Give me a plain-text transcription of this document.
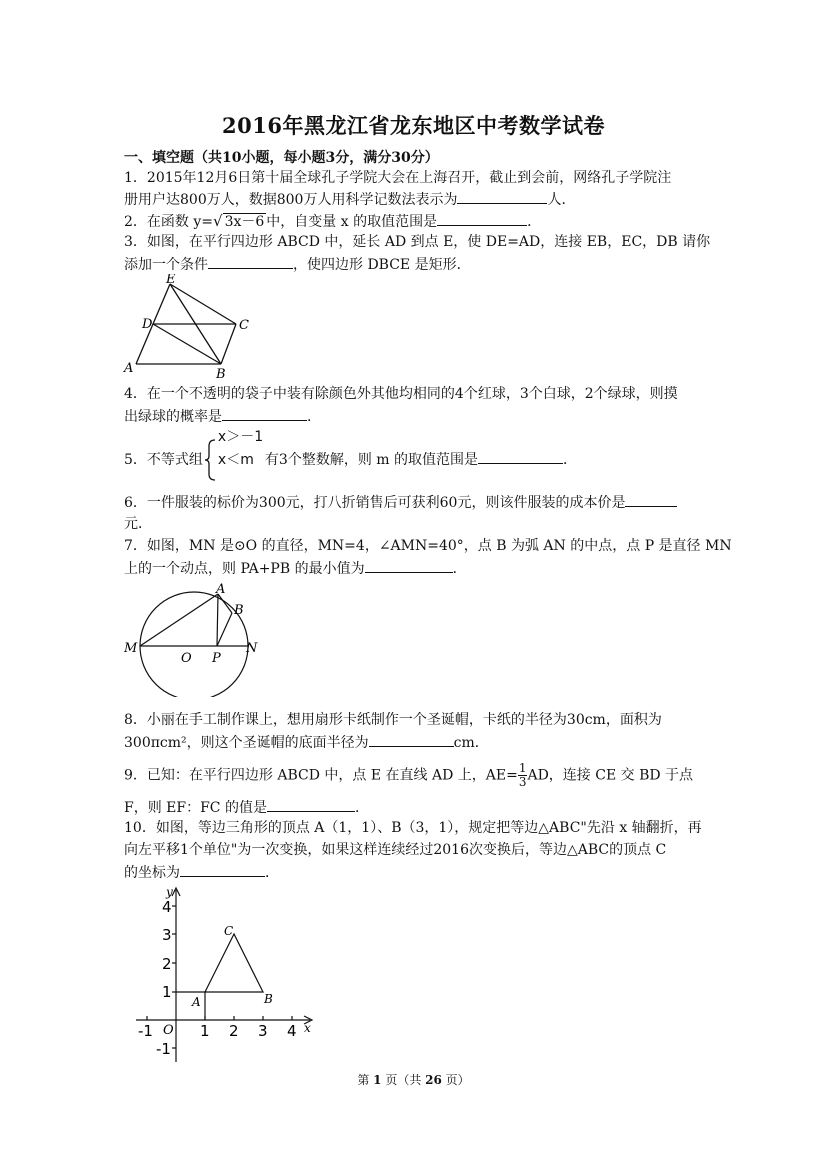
2016年黑龙江省龙东地区中考数学试卷
一、填空题（共10小题，每小题3分，满分30分）
1．2015年12月6日第十届全球孔子学院大会在上海召开，截止到会前，网络孔子学院注
册用户达800万人，数据800万人用科学记数法表示为	人．
2．在函数 y=√ 3x－6 中，自变量 x 的取值范围是	．
3．如图，在平行四边形 ABCD 中，延长 AD 到点 E，使 DE=AD，连接 EB，EC，DB 请你
添加一个条件	，使四边形 DBCE 是矩形．
E
D	C
A	B
4．在一个不透明的袋子中装有除颜色外其他均相同的4个红球，3个白球，2个绿球，则摸
出绿球的概率是	．
5．不等式组
x＞－1
x＜m 有3个整数解，则 m 的取值范围是	．
6．一件服装的标价为300元，打八折销售后可获利60元，则该件服装的成本价是
元．
7．如图，MN 是⊙O 的直径，MN=4，∠AMN=40°，点 B 为弧 AN 的中点，点 P 是直径 MN
上的一个动点，则 PA+PB 的最小值为	．
M
O P
N
A
B
8．小丽在手工制作课上，想用扇形卡纸制作一个圣诞帽，卡纸的半径为30cm，面积为
300πcm²，则这个圣诞帽的底面半径为	cm．
9．已知：在平行四边形 ABCD 中，点 E 在直线 AD 上，$AE= \frac{1}{3}$ AD，连接 CE 交 BD 于点
F，则 EF：FC 的值是	．
10．如图，等边三角形的顶点 A（1，1）、B（3，1），规定把等边△ABC"先沿 x 轴翻折，再
向左平移1个单位"为一次变换，如果这样连续经过2016次变换后，等边△ABC的顶点 C
的坐标为	．
y
x
O
-1	1 2 3 4
4
3
2
1
-1
A	B
C
第 1 页（共 26 页）
